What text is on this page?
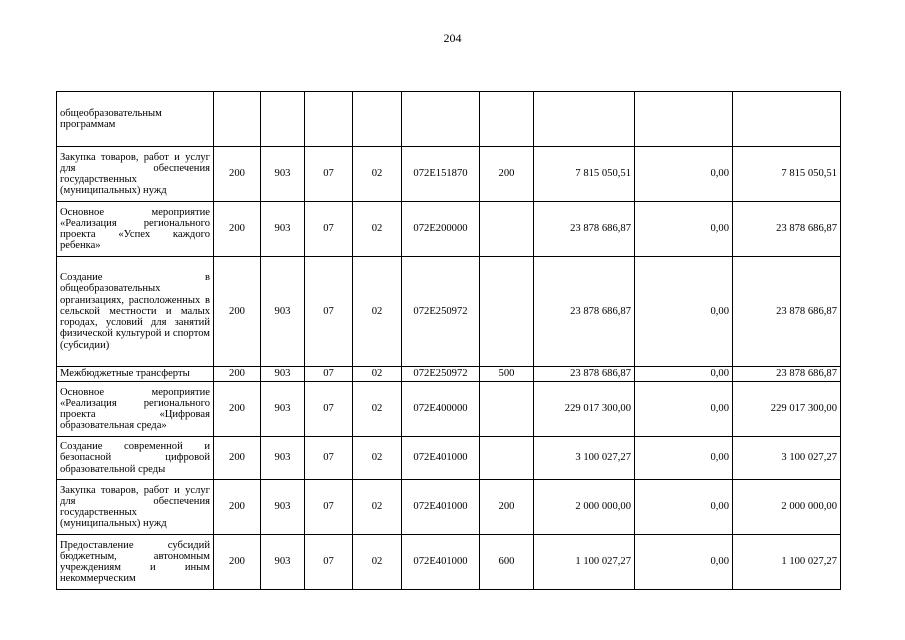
204
общеобразовательным программам									
Закупка товаров, работ и услуг для обеспечения государственных (муниципальных) нужд	200	903	07	02	072E151870	200	7 815 050,51	0,00	7 815 050,51
Основное мероприятие «Реализация регионального проекта «Успех каждого ребенка»	200	903	07	02	072E200000		23 878 686,87	0,00	23 878 686,87
Создание в общеобразовательных организациях, расположенных в сельской местности и малых городах, условий для занятий физической культурой и спортом (субсидии)	200	903	07	02	072E250972		23 878 686,87	0,00	23 878 686,87
Межбюджетные трансферты	200	903	07	02	072E250972	500	23 878 686,87	0,00	23 878 686,87
Основное мероприятие «Реализация регионального проекта «Цифровая образовательная среда»	200	903	07	02	072E400000		229 017 300,00	0,00	229 017 300,00
Создание современной и безопасной цифровой образовательной среды	200	903	07	02	072E401000		3 100 027,27	0,00	3 100 027,27
Закупка товаров, работ и услуг для обеспечения государственных (муниципальных) нужд	200	903	07	02	072E401000	200	2 000 000,00	0,00	2 000 000,00
Предоставление субсидий бюджетным, автономным учреждениям и иным некоммерческим	200	903	07	02	072E401000	600	1 100 027,27	0,00	1 100 027,27
